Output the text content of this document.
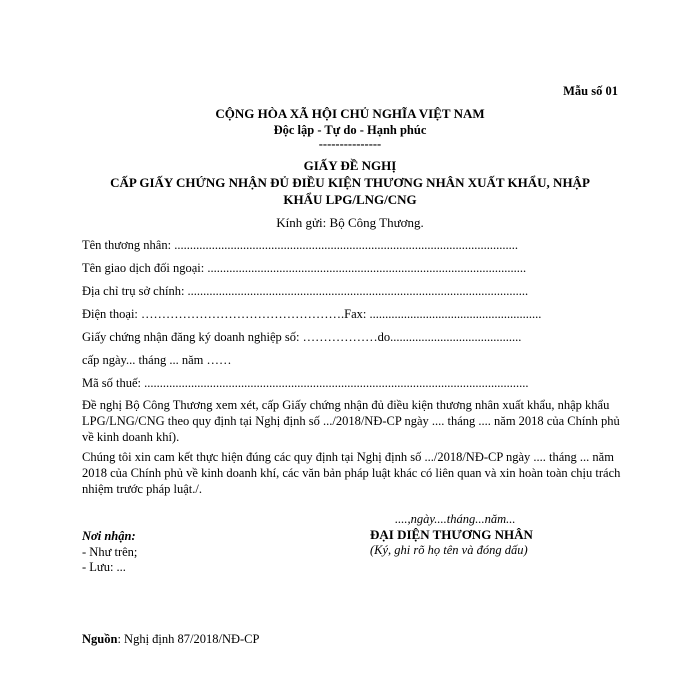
Mẫu số 01
CỘNG HÒA XÃ HỘI CHỦ NGHĨA VIỆT NAM
Độc lập - Tự do - Hạnh phúc
---------------
GIẤY ĐỀ NGHỊ
CẤP GIẤY CHỨNG NHẬN ĐỦ ĐIỀU KIỆN THƯƠNG NHÂN XUẤT KHẨU, NHẬP
KHẨU LPG/LNG/CNG
Kính gửi: Bộ Công Thương.
Tên thương nhân: ..............................................................................................................
Tên giao dịch đối ngoại: ......................................................................................................
Địa chỉ trụ sở chính: .............................................................................................................
Điện thoại: ………………………………………….Fax: .......................................................
Giấy chứng nhận đăng ký doanh nghiệp số: ………………do..........................................
cấp ngày... tháng ... năm ……
Mã số thuế: ...........................................................................................................................
Đề nghị Bộ Công Thương xem xét, cấp Giấy chứng nhận đủ điều kiện thương nhân xuất khẩu, nhập khẩu LPG/LNG/CNG theo quy định tại Nghị định số .../2018/NĐ-CP ngày .... tháng .... năm 2018 của Chính phủ về kinh doanh khí).
Chúng tôi xin cam kết thực hiện đúng các quy định tại Nghị định số .../2018/NĐ-CP ngày .... tháng ... năm 2018 của Chính phủ về kinh doanh khí, các văn bản pháp luật khác có liên quan và xin hoàn toàn chịu trách nhiệm trước pháp luật./.
....,ngày....tháng...năm...
Nơi nhận:
- Như trên;
- Lưu: ...
ĐẠI DIỆN THƯƠNG NHÂN
(Ký, ghi rõ họ tên và đóng dấu)
Nguồn: Nghị định 87/2018/NĐ-CP
